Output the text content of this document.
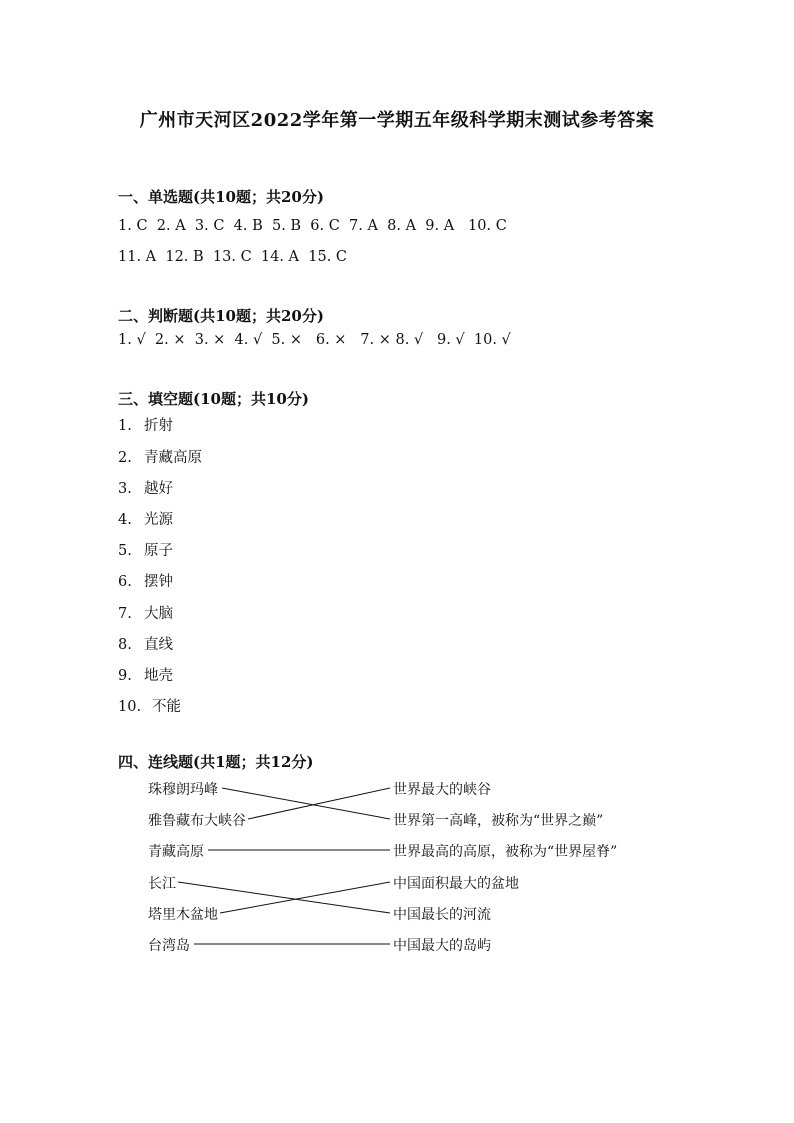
广州市天河区2022学年第一学期五年级科学期末测试参考答案
一、单选题(共10题；共20分)
1. C  2. A  3. C  4. B  5. B  6. C  7. A  8. A  9. A   10. C
11. A  12. B  13. C  14. A  15. C
二、判断题(共10题；共20分)
1. √  2. ×  3. ×  4. √  5. ×   6. ×   7. × 8. √   9. √  10. √
三、填空题(10题；共10分)
1. 折射
2. 青藏高原
3. 越好
4. 光源
5. 原子
6. 摆钟
7. 大脑
8. 直线
9. 地壳
10. 不能
四、连线题(共1题；共12分)
珠穆朗玛峰
雅鲁藏布大峡谷
青藏高原
长江
塔里木盆地
台湾岛
世界最大的峡谷
世界第一高峰，被称为“世界之巅”
世界最高的高原，被称为“世界屋脊”
中国面积最大的盆地
中国最长的河流
中国最大的岛屿
